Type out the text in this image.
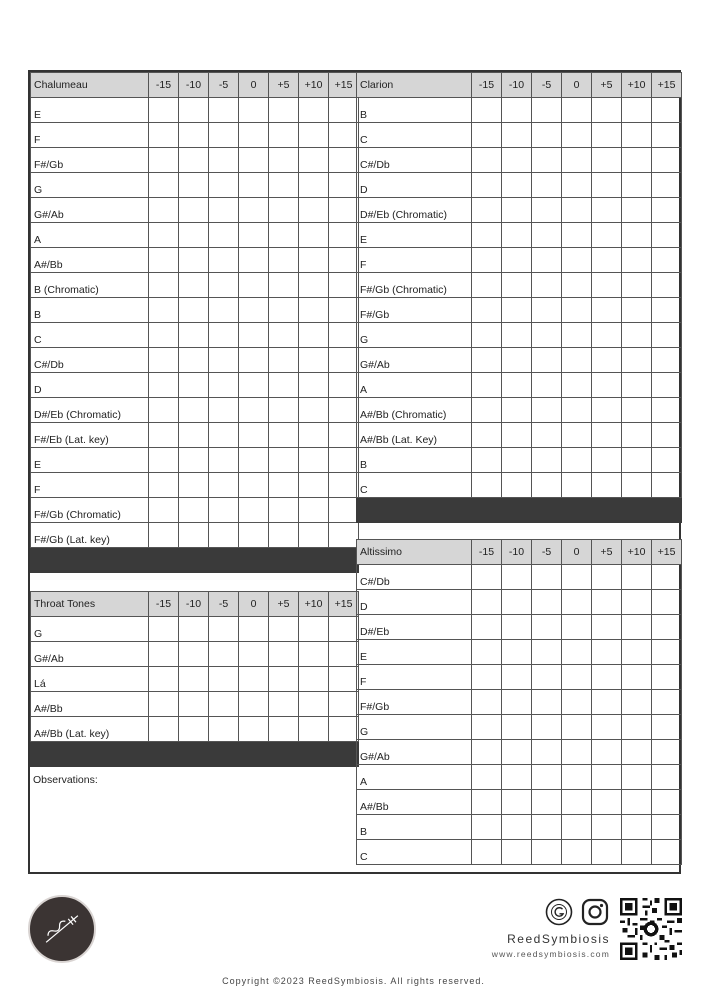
Chalumeau	-15	-10	-5	0	+5	+10	+15
E							
F							
F#/Gb							
G							
G#/Ab							
A							
A#/Bb							
B (Chromatic)							
B							
C							
C#/Db							
D							
D#/Eb (Chromatic)							
F#/Eb (Lat. key)							
E							
F							
F#/Gb (Chromatic)							
F#/Gb (Lat. key)							

Throat Tones	-15	-10	-5	0	+5	+10	+15
G							
G#/Ab							
Lá							
A#/Bb							
A#/Bb (Lat. key)							

Observations:
Clarion	-15	-10	-5	0	+5	+10	+15
B							
C							
C#/Db							
D							
D#/Eb (Chromatic)							
E							
F							
F#/Gb (Chromatic)							
F#/Gb							
G							
G#/Ab							
A							
A#/Bb (Chromatic)							
A#/Bb (Lat. Key)							
B							
C							

Altissimo	-15	-10	-5	0	+5	+10	+15
C#/Db							
D							
D#/Eb							
E							
F							
F#/Gb							
G							
G#/Ab							
A							
A#/Bb							
B							
C							
ReedSymbiosis
www.reedsymbiosis.com
Copyright ©2023 ReedSymbiosis. All rights reserved.
